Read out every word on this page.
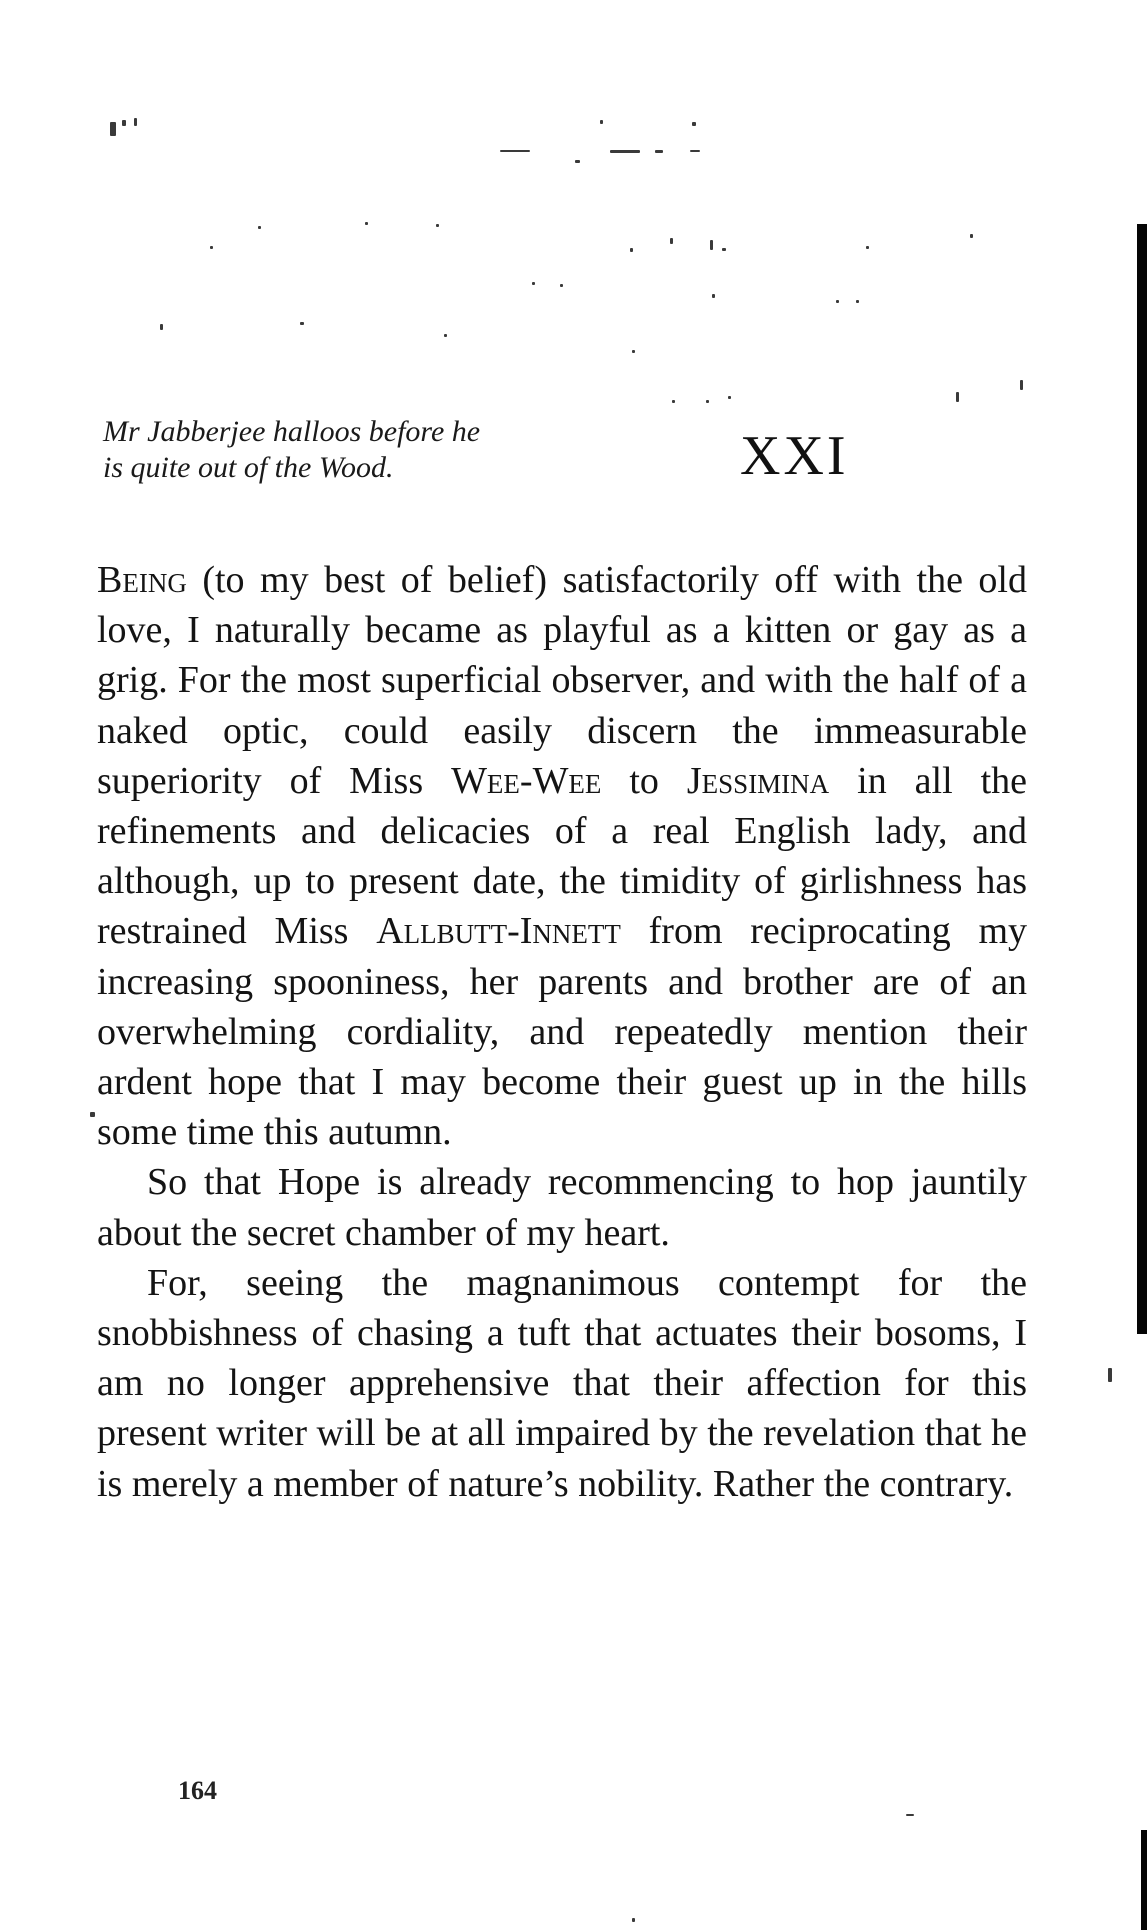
Mr Jabberjee halloos before he
is quite out of the Wood.	XXI

Being (to my best of belief) satisfactorily off with the old love, I naturally became as playful as a kitten or gay as a grig. For the most superficial observer, and with the half of a naked optic, could easily discern the immeasurable superiority of Miss Wee-Wee to Jessimina in all the refinements and delicacies of a real English lady, and although, up to present date, the timidity of girlishness has restrained Miss Allbutt-Innett from reciprocating my increasing spooniness, her parents and brother are of an overwhelming cordiality, and repeatedly mention their ardent hope that I may become their guest up in the hills some time this autumn.

So that Hope is already recommencing to hop jauntily about the secret chamber of my heart.

For, seeing the magnanimous contempt for the snobbishness of chasing a tuft that actuates their bosoms, I am no longer apprehensive that their affection for this present writer will be at all impaired by the revelation that he is merely a member of nature’s nobility. Rather the contrary.

164
